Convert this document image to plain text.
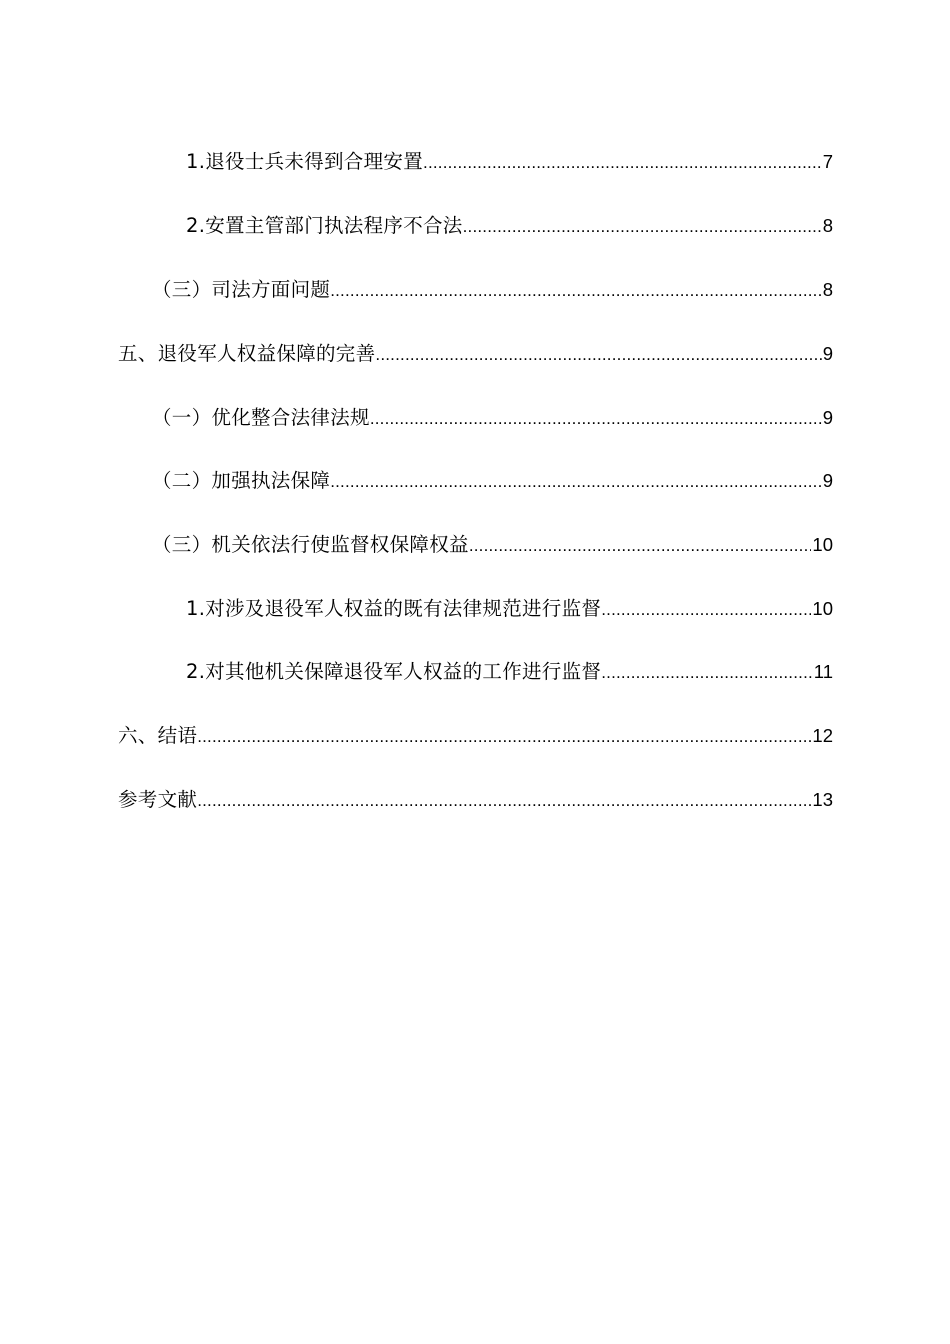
1.退役士兵未得到合理安置 .....	7
2.安置主管部门执法程序不合法 .....	8
（三）司法方面问题 .....	8
五、退役军人权益保障的完善 .....	9
（一）优化整合法律法规 .....	9
（二）加强执法保障 .....	9
（三）机关依法行使监督权保障权益 .....	10
1.对涉及退役军人权益的既有法律规范进行监督 .....	10
2.对其他机关保障退役军人权益的工作进行监督 .....	11
六、结语 .....	12
参考文献 .....	13
